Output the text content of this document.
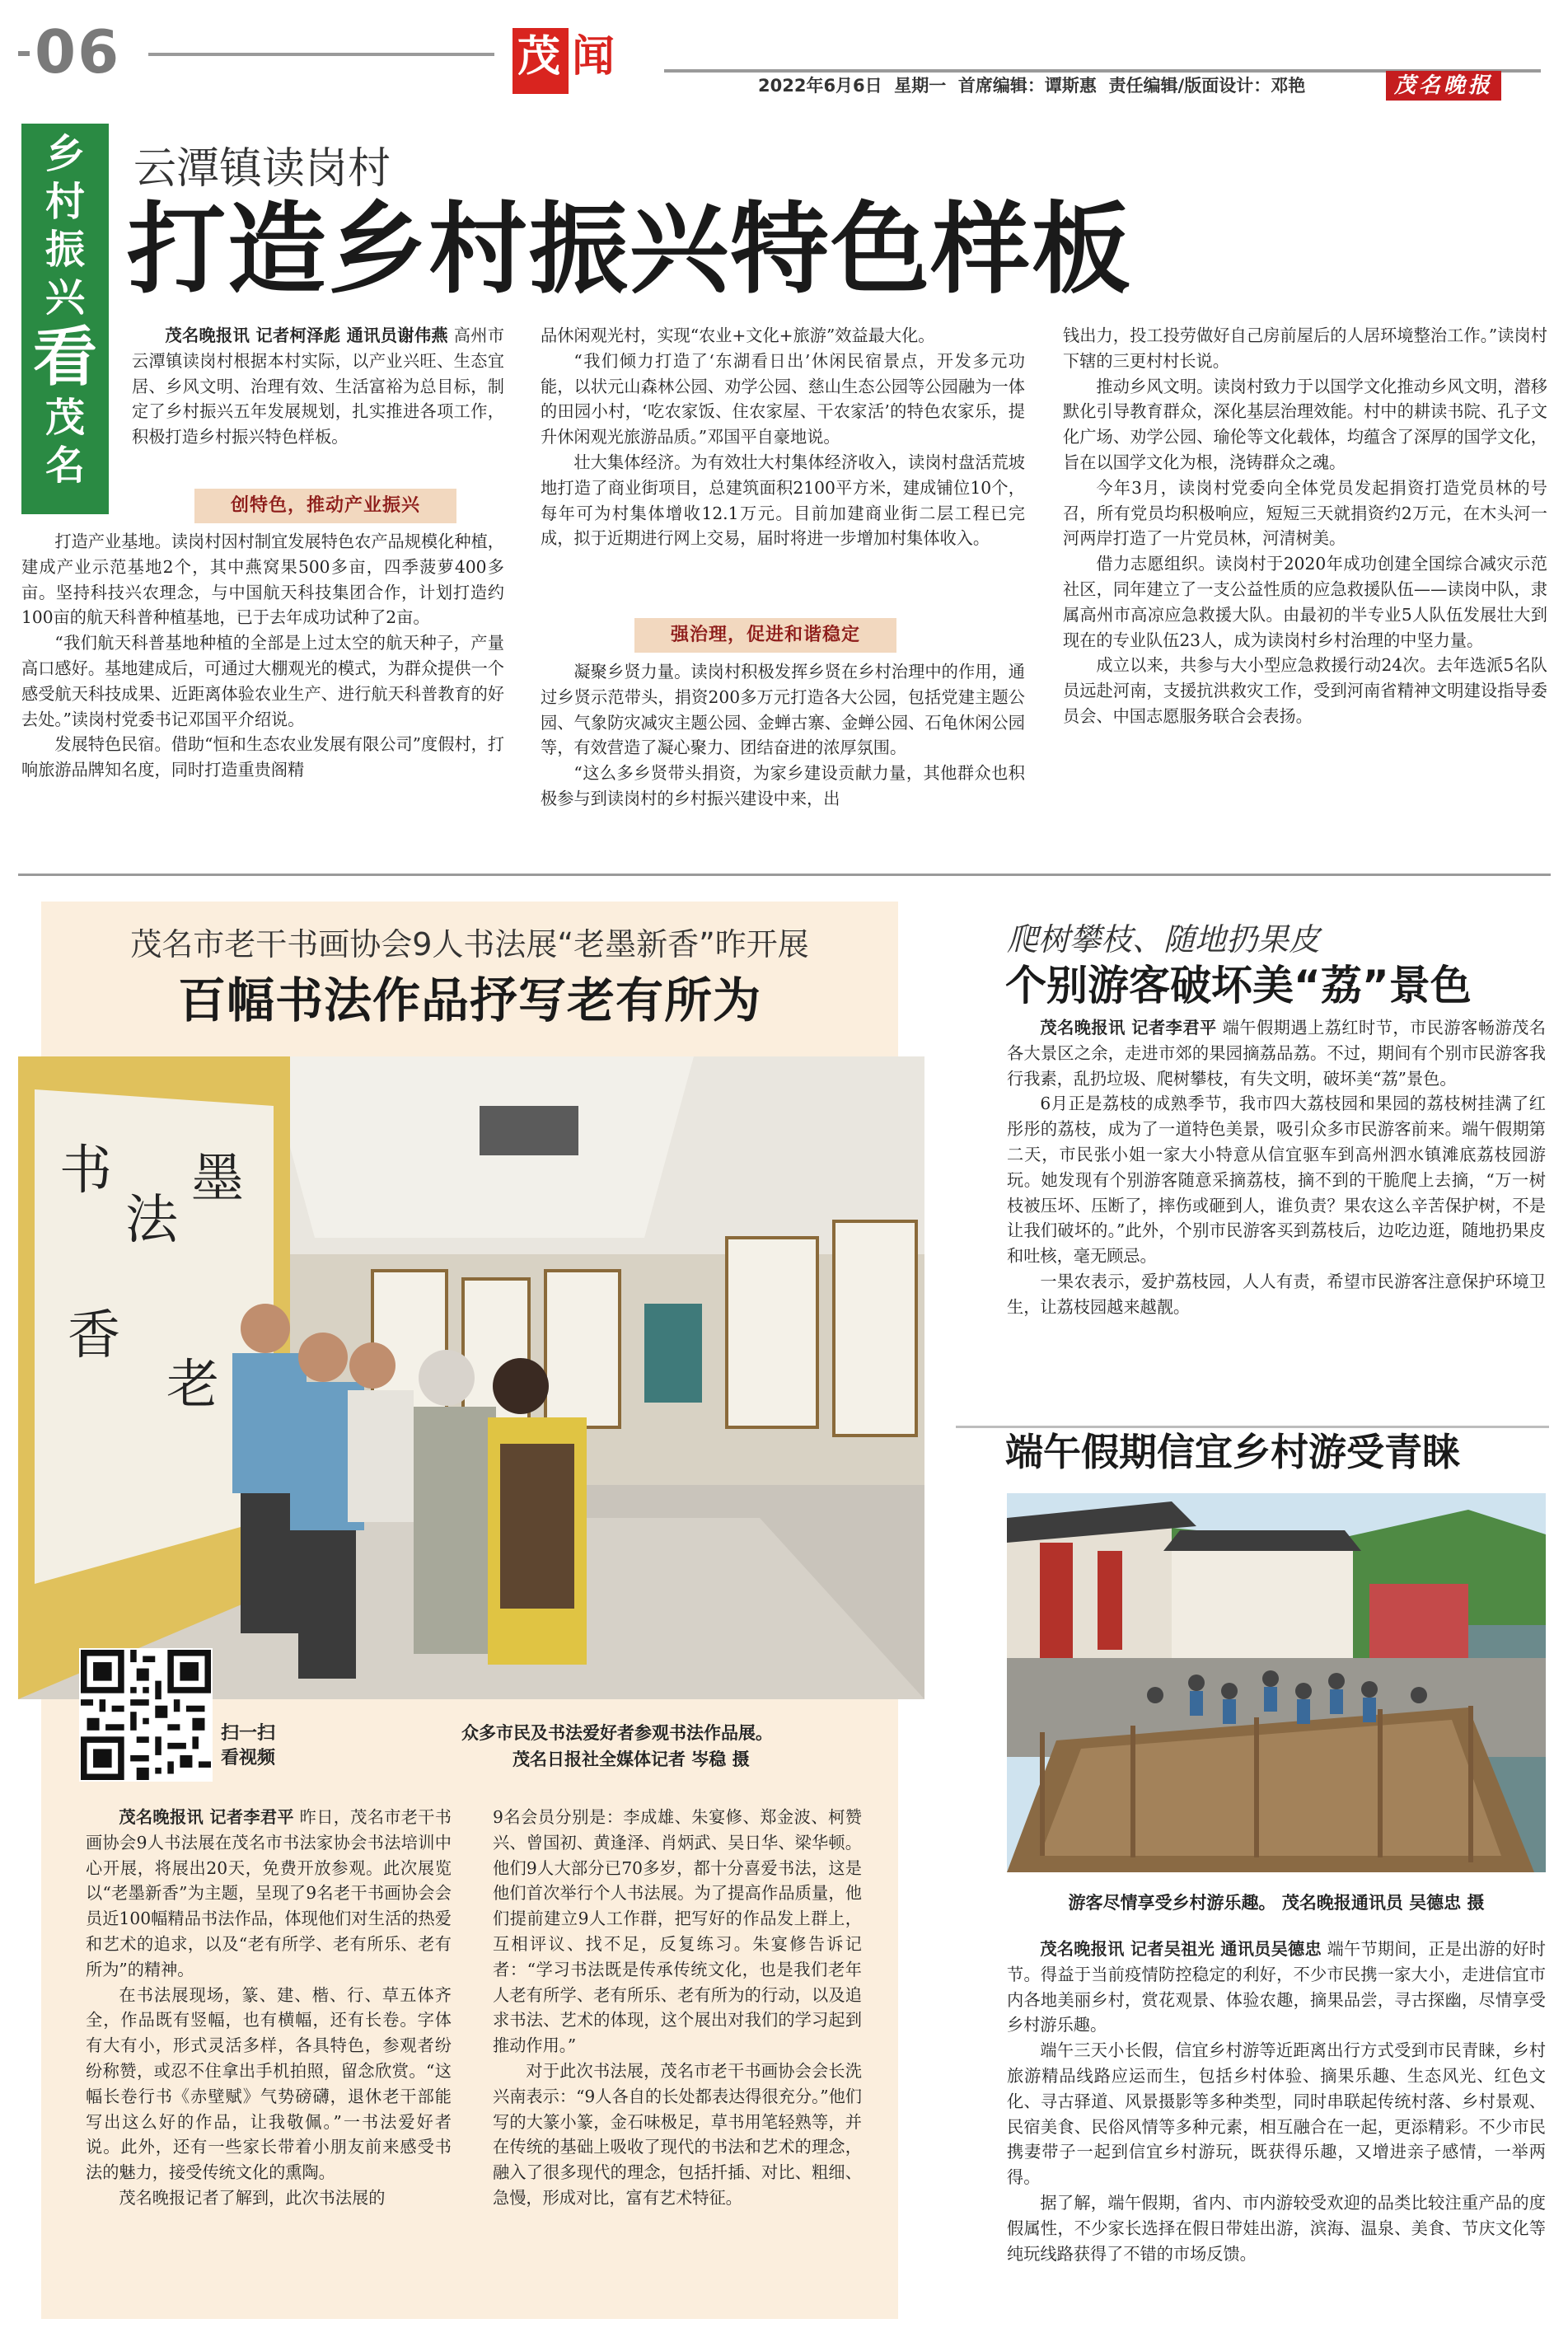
06	茂 闻
2022年6月6日  星期一  首席编辑：谭斯惠  责任编辑/版面设计：邓艳	茂名晚报
乡
村
振
兴
看
茂
名
云潭镇读岗村
打造乡村振兴特色样板

茂名晚报讯 记者柯泽彪 通讯员谢伟燕 高州市云潭镇读岗村根据本村实际，以产业兴旺、生态宜居、乡风文明、治理有效、生活富裕为总目标，制定了乡村振兴五年发展规划，扎实推进各项工作，积极打造乡村振兴特色样板。

创特色，推动产业振兴

打造产业基地。读岗村因村制宜发展特色农产品规模化种植，建成产业示范基地2个，其中燕窝果500多亩，四季菠萝400多亩。坚持科技兴农理念，与中国航天科技集团合作，计划打造约100亩的航天科普种植基地，已于去年成功试种了2亩。

“我们航天科普基地种植的全部是上过太空的航天种子，产量高口感好。基地建成后，可通过大棚观光的模式，为群众提供一个感受航天科技成果、近距离体验农业生产、进行航天科普教育的好去处。”读岗村党委书记邓国平介绍说。

发展特色民宿。借助“恒和生态农业发展有限公司”度假村，打响旅游品牌知名度，同时打造重贵阁精

品休闲观光村，实现“农业+文化+旅游”效益最大化。

“我们倾力打造了‘东湖看日出’休闲民宿景点，开发多元功能，以状元山森林公园、劝学公园、慈山生态公园等公园融为一体的田园小村，‘吃农家饭、住农家屋、干农家活’的特色农家乐，提升休闲观光旅游品质。”邓国平自豪地说。

壮大集体经济。为有效壮大村集体经济收入，读岗村盘活荒坡地打造了商业街项目，总建筑面积2100平方米，建成铺位10个，每年可为村集体增收12.1万元。目前加建商业街二层工程已完成，拟于近期进行网上交易，届时将进一步增加村集体收入。

强治理，促进和谐稳定

凝聚乡贤力量。读岗村积极发挥乡贤在乡村治理中的作用，通过乡贤示范带头，捐资200多万元打造各大公园，包括党建主题公园、气象防灾减灾主题公园、金蝉古寨、金蝉公园、石龟休闲公园等，有效营造了凝心聚力、团结奋进的浓厚氛围。

“这么多乡贤带头捐资，为家乡建设贡献力量，其他群众也积极参与到读岗村的乡村振兴建设中来，出

钱出力，投工投劳做好自己房前屋后的人居环境整治工作。”读岗村下辖的三更村村长说。

推动乡风文明。读岗村致力于以国学文化推动乡风文明，潜移默化引导教育群众，深化基层治理效能。村中的耕读书院、孔子文化广场、劝学公园、瑜伦等文化载体，均蕴含了深厚的国学文化，旨在以国学文化为根，浇铸群众之魂。

今年3月，读岗村党委向全体党员发起捐资打造党员林的号召，所有党员均积极响应，短短三天就捐资约2万元，在木头河一河两岸打造了一片党员林，河清树美。

借力志愿组织。读岗村于2020年成功创建全国综合减灾示范社区，同年建立了一支公益性质的应急救援队伍——读岗中队，隶属高州市高凉应急救援大队。由最初的半专业5人队伍发展壮大到现在的专业队伍23人，成为读岗村乡村治理的中坚力量。

成立以来，共参与大小型应急救援行动24次。去年选派5名队员远赴河南，支援抗洪救灾工作，受到河南省精神文明建设指导委员会、中国志愿服务联合会表扬。

茂名市老干书画协会9人书法展“老墨新香”昨开展
百幅书法作品抒写老有所为
书
法
墨
香
老
扫一扫
看视频
众多市民及书法爱好者参观书法作品展。
茂名日报社全媒体记者 岑稳 摄

茂名晚报讯 记者李君平 昨日，茂名市老干书画协会9人书法展在茂名市书法家协会书法培训中心开展，将展出20天，免费开放参观。此次展览以“老墨新香”为主题，呈现了9名老干书画协会会员近100幅精品书法作品，体现他们对生活的热爱和艺术的追求，以及“老有所学、老有所乐、老有所为”的精神。

在书法展现场，篆、建、楷、行、草五体齐全，作品既有竖幅，也有横幅，还有长卷。字体有大有小，形式灵活多样，各具特色，参观者纷纷称赞，或忍不住拿出手机拍照，留念欣赏。“这幅长卷行书《赤壁赋》气势磅礴，退休老干部能写出这么好的作品，让我敬佩。”一书法爱好者说。此外，还有一些家长带着小朋友前来感受书法的魅力，接受传统文化的熏陶。

茂名晚报记者了解到，此次书法展的

9名会员分别是：李成雄、朱宴修、郑金波、柯赞兴、曾国初、黄逢泽、肖炳武、吴日华、梁华顿。他们9人大部分已70多岁，都十分喜爱书法，这是他们首次举行个人书法展。为了提高作品质量，他们提前建立9人工作群，把写好的作品发上群上，互相评议、找不足，反复练习。朱宴修告诉记者：“学习书法既是传承传统文化，也是我们老年人老有所学、老有所乐、老有所为的行动，以及追求书法、艺术的体现，这个展出对我们的学习起到推动作用。”

对于此次书法展，茂名市老干书画协会会长洗兴南表示：“9人各自的长处都表达得很充分。”他们写的大篆小篆，金石味极足，草书用笔轻熟等，并在传统的基础上吸收了现代的书法和艺术的理念，融入了很多现代的理念，包括扦插、对比、粗细、急慢，形成对比，富有艺术特征。

爬树攀枝、随地扔果皮
个别游客破坏美“荔”景色

茂名晚报讯 记者李君平 端午假期遇上荔红时节，市民游客畅游茂名各大景区之余，走进市郊的果园摘荔品荔。不过，期间有个别市民游客我行我素，乱扔垃圾、爬树攀枝，有失文明，破坏美“荔”景色。

6月正是荔枝的成熟季节，我市四大荔枝园和果园的荔枝树挂满了红彤彤的荔枝，成为了一道特色美景，吸引众多市民游客前来。端午假期第二天，市民张小姐一家大小特意从信宜驱车到高州泗水镇滩底荔枝园游玩。她发现有个别游客随意采摘荔枝，摘不到的干脆爬上去摘，“万一树枝被压坏、压断了，摔伤或砸到人，谁负责？果农这么辛苦保护树，不是让我们破坏的。”此外，个别市民游客买到荔枝后，边吃边逛，随地扔果皮和吐核，毫无顾忌。

一果农表示，爱护荔枝园，人人有责，希望市民游客注意保护环境卫生，让荔枝园越来越靓。

端午假期信宜乡村游受青睐
游客尽情享受乡村游乐趣。 茂名晚报通讯员 吴德忠 摄

茂名晚报讯 记者吴祖光 通讯员吴德忠 端午节期间，正是出游的好时节。得益于当前疫情防控稳定的利好，不少市民携一家大小，走进信宜市内各地美丽乡村，赏花观景、体验农趣，摘果品尝，寻古探幽，尽情享受乡村游乐趣。

端午三天小长假，信宜乡村游等近距离出行方式受到市民青睐，乡村旅游精品线路应运而生，包括乡村体验、摘果乐趣、生态风光、红色文化、寻古驿道、风景摄影等多种类型，同时串联起传统村落、乡村景观、民宿美食、民俗风情等多种元素，相互融合在一起，更添精彩。不少市民携妻带子一起到信宜乡村游玩，既获得乐趣，又增进亲子感情，一举两得。

据了解，端午假期，省内、市内游较受欢迎的品类比较注重产品的度假属性，不少家长选择在假日带娃出游，滨海、温泉、美食、节庆文化等纯玩线路获得了不错的市场反馈。
